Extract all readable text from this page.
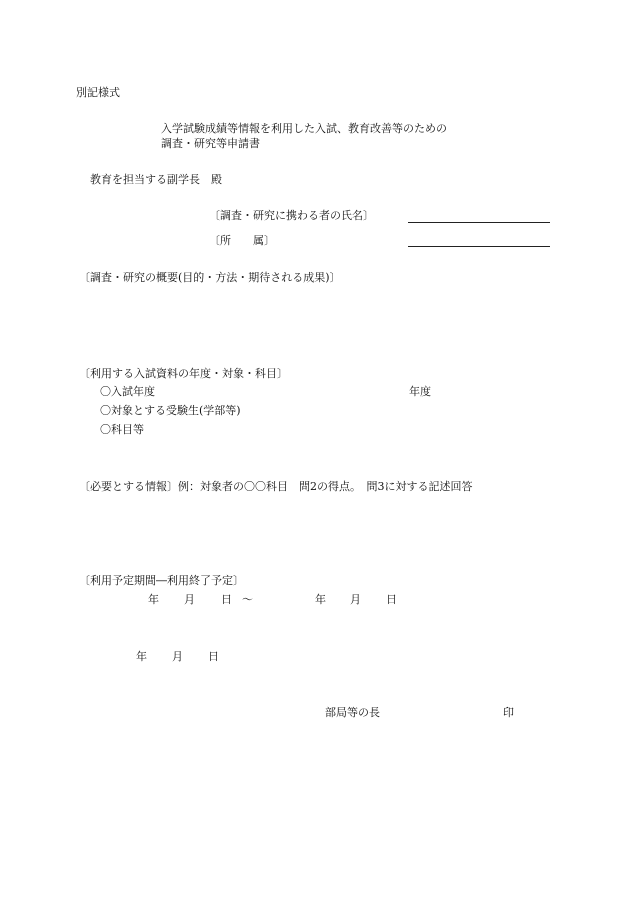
別記様式
入学試験成績等情報を利用した入試、教育改善等のための
調査・研究等申請書
教育を担当する副学長　殿
〔調査・研究に携わる者の氏名〕
〔所　　属〕
〔調査・研究の概要(目的・方法・期待される成果)〕
〔利用する入試資料の年度・対象・科目〕
〇入試年度	年度
〇対象とする受験生(学部等)
〇科目等
〔必要とする情報〕例：対象者の〇〇科目　問2の得点。　問3に対する記述回答
〔利用予定期間―利用終了予定〕
年 月 日 〜	年 月 日
年 月 日
部局等の長	印
